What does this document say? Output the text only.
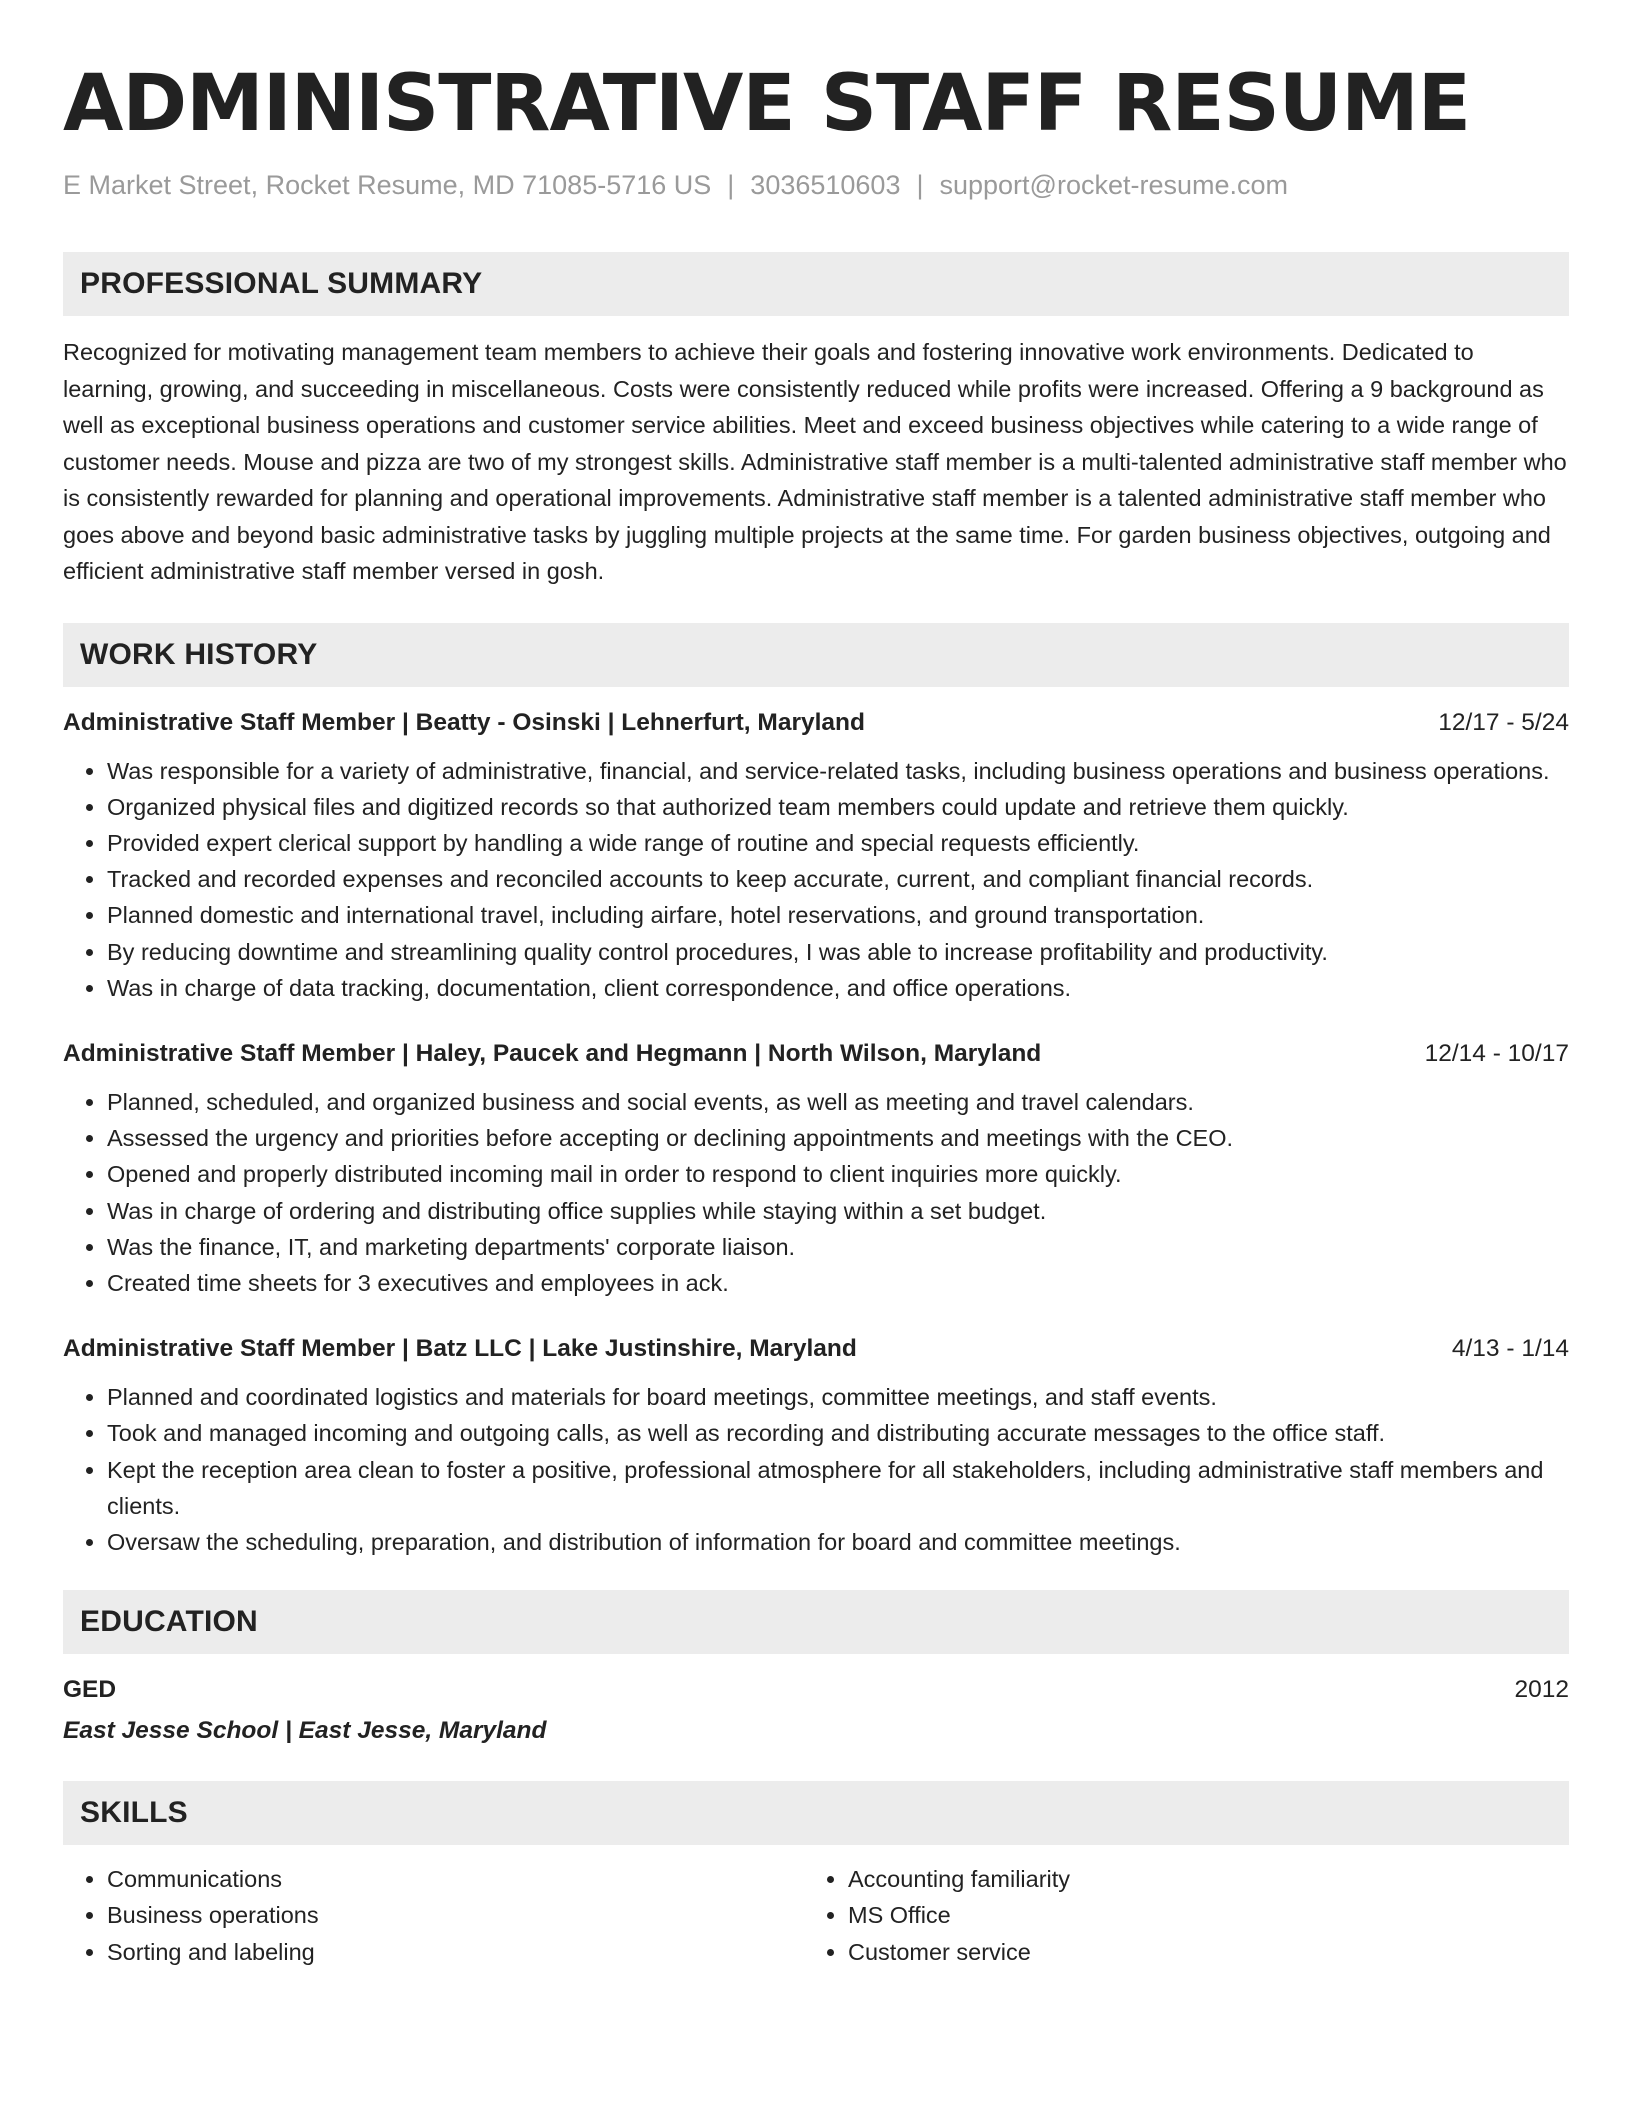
ADMINISTRATIVE STAFF RESUME
E Market Street, Rocket Resume, MD 71085-5716 US | 3036510603 | support@rocket-resume.com
PROFESSIONAL SUMMARY
Recognized for motivating management team members to achieve their goals and fostering innovative work environments. Dedicated to learning, growing, and succeeding in miscellaneous. Costs were consistently reduced while profits were increased. Offering a 9 background as well as exceptional business operations and customer service abilities. Meet and exceed business objectives while catering to a wide range of customer needs. Mouse and pizza are two of my strongest skills. Administrative staff member is a multi-talented administrative staff member who is consistently rewarded for planning and operational improvements. Administrative staff member is a talented administrative staff member who goes above and beyond basic administrative tasks by juggling multiple projects at the same time. For garden business objectives, outgoing and efficient administrative staff member versed in gosh.
WORK HISTORY
Administrative Staff Member | Beatty - Osinski | Lehnerfurt, Maryland	12/17 - 5/24
• Was responsible for a variety of administrative, financial, and service-related tasks, including business operations and business operations.
• Organized physical files and digitized records so that authorized team members could update and retrieve them quickly.
• Provided expert clerical support by handling a wide range of routine and special requests efficiently.
• Tracked and recorded expenses and reconciled accounts to keep accurate, current, and compliant financial records.
• Planned domestic and international travel, including airfare, hotel reservations, and ground transportation.
• By reducing downtime and streamlining quality control procedures, I was able to increase profitability and productivity.
• Was in charge of data tracking, documentation, client correspondence, and office operations.
Administrative Staff Member | Haley, Paucek and Hegmann | North Wilson, Maryland	12/14 - 10/17
• Planned, scheduled, and organized business and social events, as well as meeting and travel calendars.
• Assessed the urgency and priorities before accepting or declining appointments and meetings with the CEO.
• Opened and properly distributed incoming mail in order to respond to client inquiries more quickly.
• Was in charge of ordering and distributing office supplies while staying within a set budget.
• Was the finance, IT, and marketing departments' corporate liaison.
• Created time sheets for 3 executives and employees in ack.
Administrative Staff Member | Batz LLC | Lake Justinshire, Maryland	4/13 - 1/14
• Planned and coordinated logistics and materials for board meetings, committee meetings, and staff events.
• Took and managed incoming and outgoing calls, as well as recording and distributing accurate messages to the office staff.
• Kept the reception area clean to foster a positive, professional atmosphere for all stakeholders, including administrative staff members and clients.
• Oversaw the scheduling, preparation, and distribution of information for board and committee meetings.
EDUCATION
GED	2012
East Jesse School | East Jesse, Maryland
SKILLS
• Communications
• Business operations
• Sorting and labeling
• Accounting familiarity
• MS Office
• Customer service
